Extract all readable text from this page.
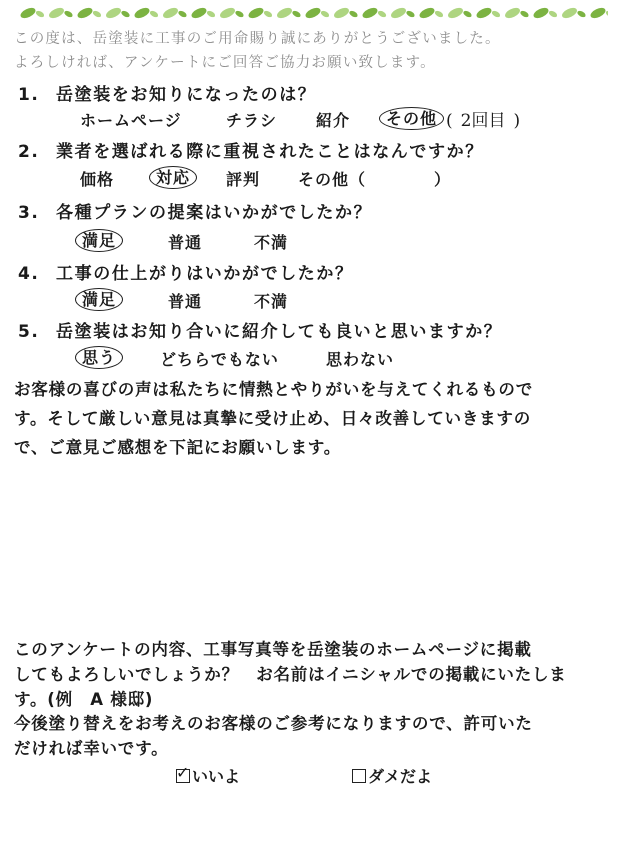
この度は、岳塗装に工事のご用命賜り誠にありがとうございました。
よろしければ、アンケートにご回答ご協力お願い致します。
1. 岳塗装をお知りになったのは？
ホームページ	チラシ 紹介 その他 ( 2回目 )
2. 業者を選ばれる際に重視されたことはなんですか？
価格	対応	評判 その他（　　　　）
3. 各種プランの提案はいかがでしたか？
満足	普通	不満
4. 工事の仕上がりはいかがでしたか？
満足	普通	不満
5. 岳塗装はお知り合いに紹介しても良いと思いますか？
思う	どちらでもない	思わない
お客様の喜びの声は私たちに情熱とやりがいを与えてくれるもので
す。そして厳しい意見は真摯に受け止め、日々改善していきますの
で、ご意見ご感想を下記にお願いします。
このアンケートの内容、工事写真等を岳塗装のホームページに掲載
してもよろしいでしょうか？　お名前はイニシャルでの掲載にいたしま
す。(例　A 様邸)
今後塗り替えをお考えのお客様のご参考になりますので、許可いた
だければ幸いです。
✓ いいよ	ダメだよ
